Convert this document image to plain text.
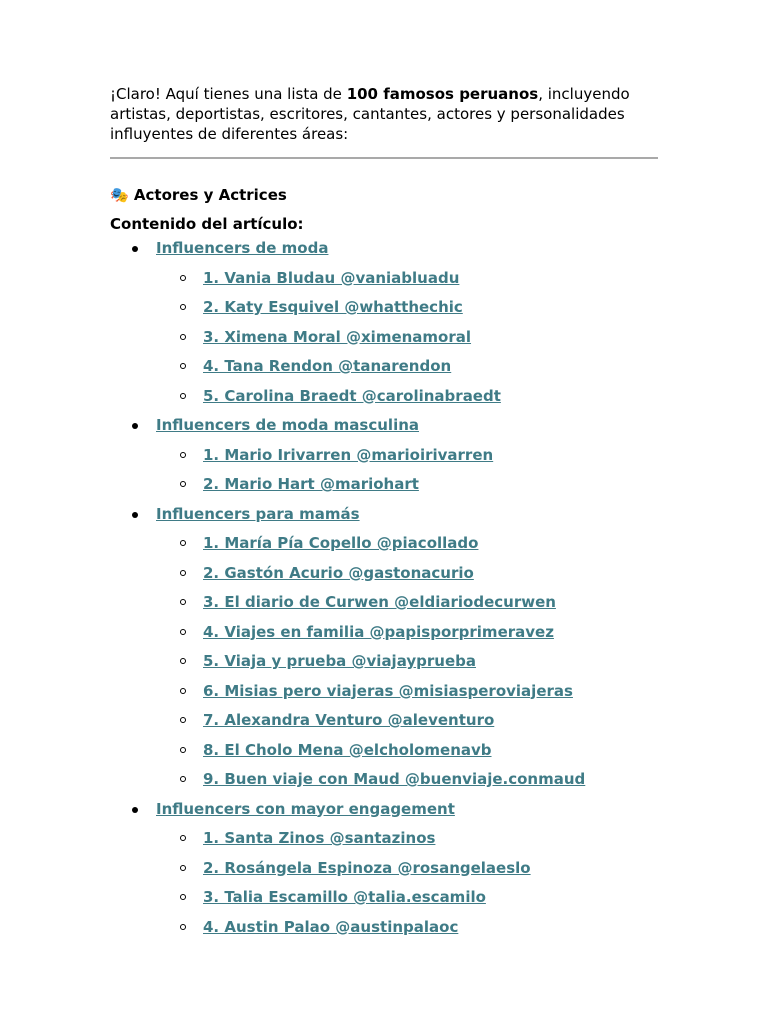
¡Claro! Aquí tienes una lista de 100 famosos peruanos, incluyendo artistas, deportistas, escritores, cantantes, actores y personalidades influyentes de diferentes áreas:

🎭 Actores y Actrices
Contenido del artículo:
Influencers de moda
1. Vania Bludau @vaniabluadu
2. Katy Esquivel @whatthechic
3. Ximena Moral @ximenamoral
4. Tana Rendon @tanarendon
5. Carolina Braedt @carolinabraedt
Influencers de moda masculina
1. Mario Irivarren @marioirivarren
2. Mario Hart @mariohart
Influencers para mamás
1. María Pía Copello @piacollado
2. Gastón Acurio @gastonacurio
3. El diario de Curwen @eldiariodecurwen
4. Viajes en familia @papisporprimeravez
5. Viaja y prueba @viajayprueba
6. Misias pero viajeras @misiasperoviajeras
7. Alexandra Venturo @aleventuro
8. El Cholo Mena @elcholomenavb
9. Buen viaje con Maud @buenviaje.conmaud
Influencers con mayor engagement
1. Santa Zinos @santazinos
2. Rosángela Espinoza @rosangelaeslo
3. Talia Escamillo @talia.escamilo
4. Austin Palao @austinpalaoc
